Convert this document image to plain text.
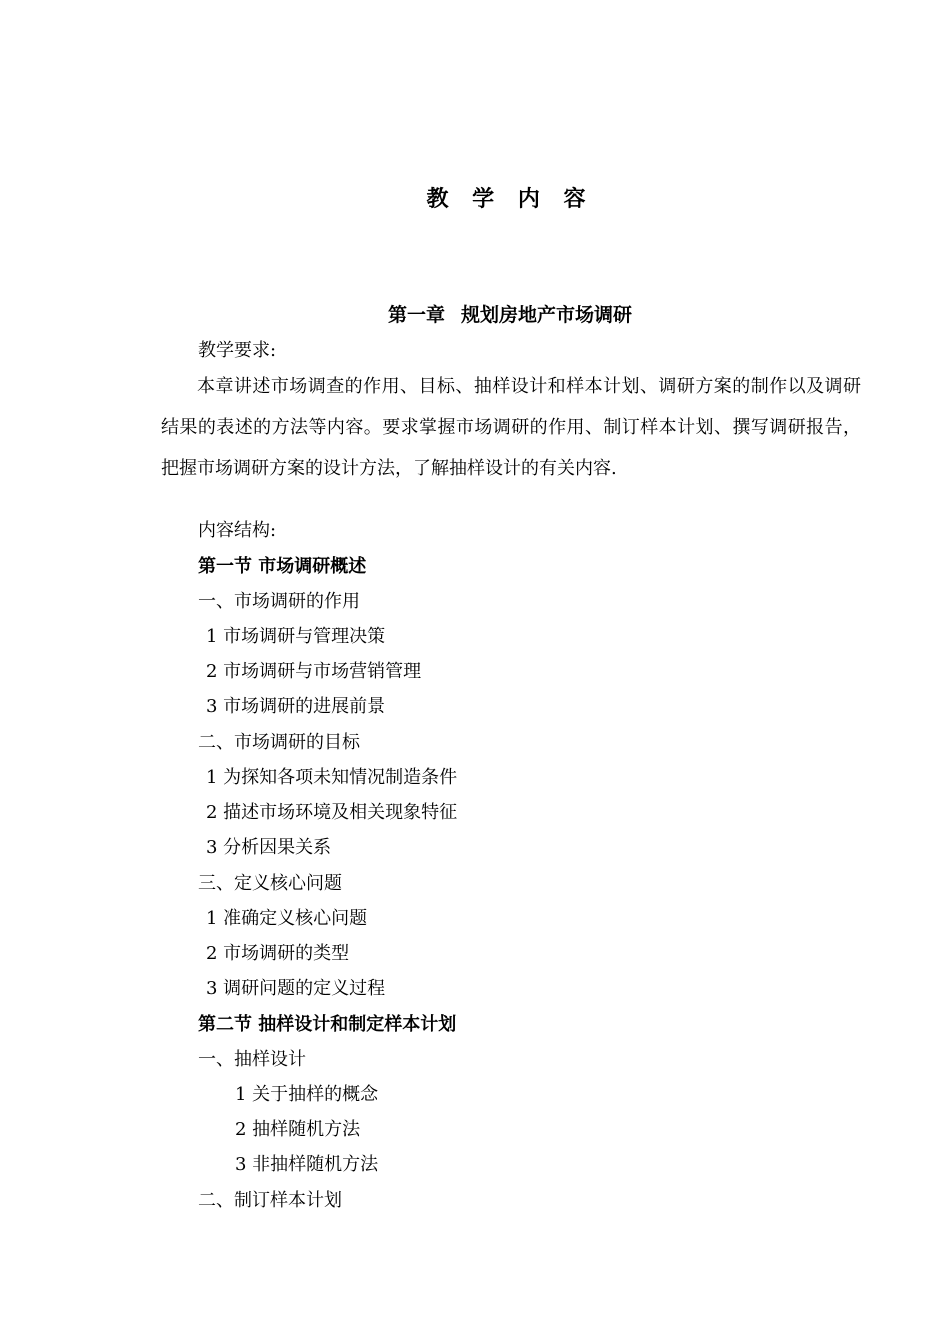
教 学 内 容
第一章 规划房地产市场调研
教学要求:
本章讲述市场调查的作用、目标、抽样设计和样本计划、调研方案的制作以及调研结果的表述的方法等内容。要求掌握市场调研的作用、制订样本计划、撰写调研报告，把握市场调研方案的设计方法，了解抽样设计的有关内容.
内容结构:
第一节 市场调研概述
一、市场调研的作用
1 市场调研与管理决策
2 市场调研与市场营销管理
3 市场调研的进展前景
二、市场调研的目标
1 为探知各项未知情况制造条件
2 描述市场环境及相关现象特征
3 分析因果关系
三、定义核心问题
1 准确定义核心问题
2 市场调研的类型
3 调研问题的定义过程
第二节 抽样设计和制定样本计划
一、抽样设计
1 关于抽样的概念
2 抽样随机方法
3 非抽样随机方法
二、制订样本计划
